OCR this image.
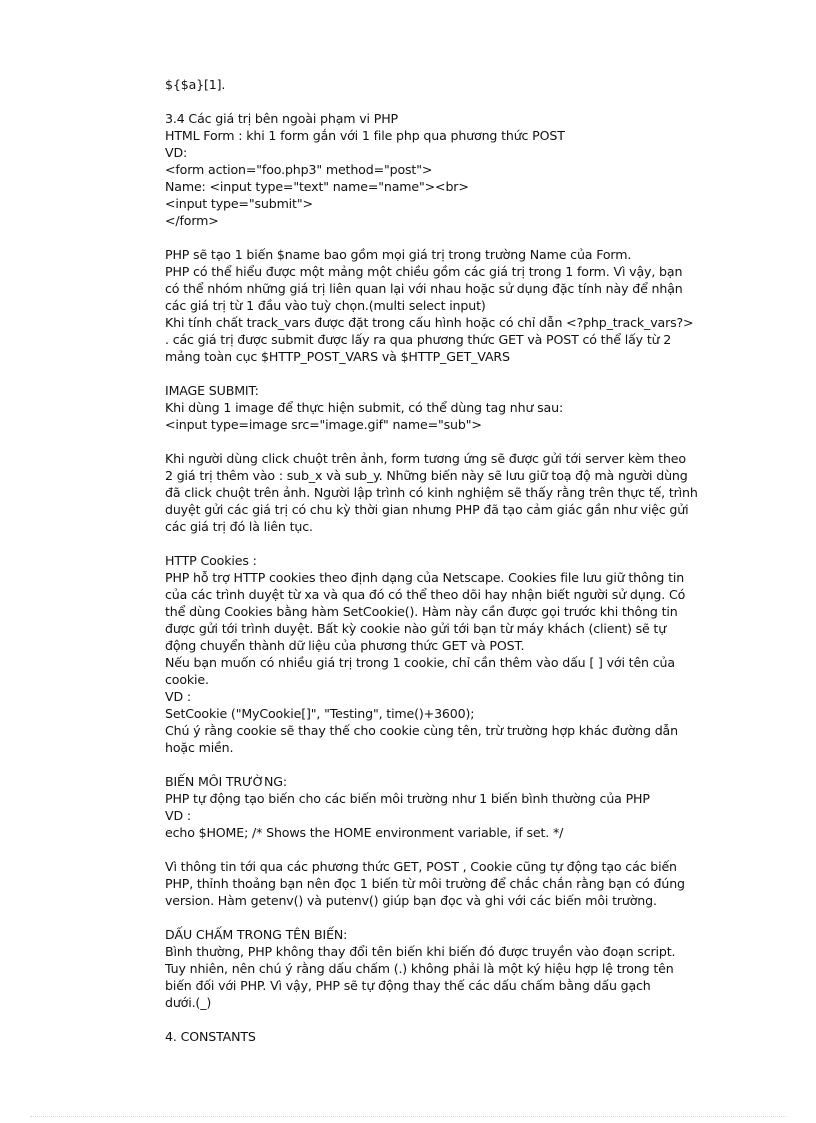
${$a}[1].
3.4 Các giá trị bên ngoài phạm vi PHP
HTML Form : khi 1 form gắn với 1 file php qua phương thức POST
VD:
<form action="foo.php3" method="post">
Name: <input type="text" name="name"><br>
<input type="submit">
</form>
PHP sẽ tạo 1 biến $name bao gồm mọi giá trị trong trường Name của Form.
PHP có thể hiểu được một mảng một chiều gồm các giá trị trong 1 form. Vì vậy, bạn
có thể nhóm những giá trị liên quan lại với nhau hoặc sử dụng đặc tính này để nhận
các giá trị từ 1 đầu vào tuỳ chọn.(multi select input)
Khi tính chất track_vars được đặt trong cấu hình hoặc có chỉ dẫn <?php_track_vars?>
. các giá trị được submit được lấy ra qua phương thức GET và POST có thể lấy từ 2
mảng toàn cục $HTTP_POST_VARS và $HTTP_GET_VARS
IMAGE SUBMIT:
Khi dùng 1 image để thực hiện submit, có thể dùng tag như sau:
<input type=image src="image.gif" name="sub">
Khi người dùng click chuột trên ảnh, form tương ứng sẽ được gửi tới server kèm theo
2 giá trị thêm vào : sub_x và sub_y. Những biến này sẽ lưu giữ toạ độ mà người dùng
đã click chuột trên ảnh. Người lập trình có kinh nghiệm sẽ thấy rằng trên thực tế, trình
duyệt gửi các giá trị có chu kỳ thời gian nhưng PHP đã tạo cảm giác gần như việc gửi
các giá trị đó là liên tục.
HTTP Cookies :
PHP hỗ trợ HTTP cookies theo định dạng của Netscape. Cookies file lưu giữ thông tin
của các trình duyệt từ xa và qua đó có thể theo dõi hay nhận biết người sử dụng. Có
thể dùng Cookies bằng hàm SetCookie(). Hàm này cần được gọi trước khi thông tin
được gửi tới trình duyệt. Bất kỳ cookie nào gửi tới bạn từ máy khách (client) sẽ tự
động chuyển thành dữ liệu của phương thức GET và POST.
Nếu bạn muốn có nhiều giá trị trong 1 cookie, chỉ cần thêm vào dấu [ ] với tên của
cookie.
VD :
SetCookie ("MyCookie[]", "Testing", time()+3600);
Chú ý rằng cookie sẽ thay thế cho cookie cùng tên, trừ trường hợp khác đường dẫn
hoặc miền.
BIẾN MÔI TRƯỜNG:
PHP tự động tạo biến cho các biến môi trường như 1 biến bình thường của PHP
VD :
echo $HOME; /* Shows the HOME environment variable, if set. */
Vì thông tin tới qua các phương thức GET, POST , Cookie cũng tự động tạo các biến
PHP, thỉnh thoảng bạn nên đọc 1 biến từ môi trường để chắc chắn rằng bạn có đúng
version. Hàm getenv() và putenv() giúp bạn đọc và ghi với các biến môi trường.
DẤU CHẤM TRONG TÊN BIẾN:
Bình thường, PHP không thay đổi tên biến khi biến đó được truyền vào đoạn script.
Tuy nhiên, nên chú ý rằng dấu chấm (.) không phải là một ký hiệu hợp lệ trong tên
biến đối với PHP. Vì vậy, PHP sẽ tự động thay thế các dấu chấm bằng dấu gạch
dưới.(_)
4. CONSTANTS
